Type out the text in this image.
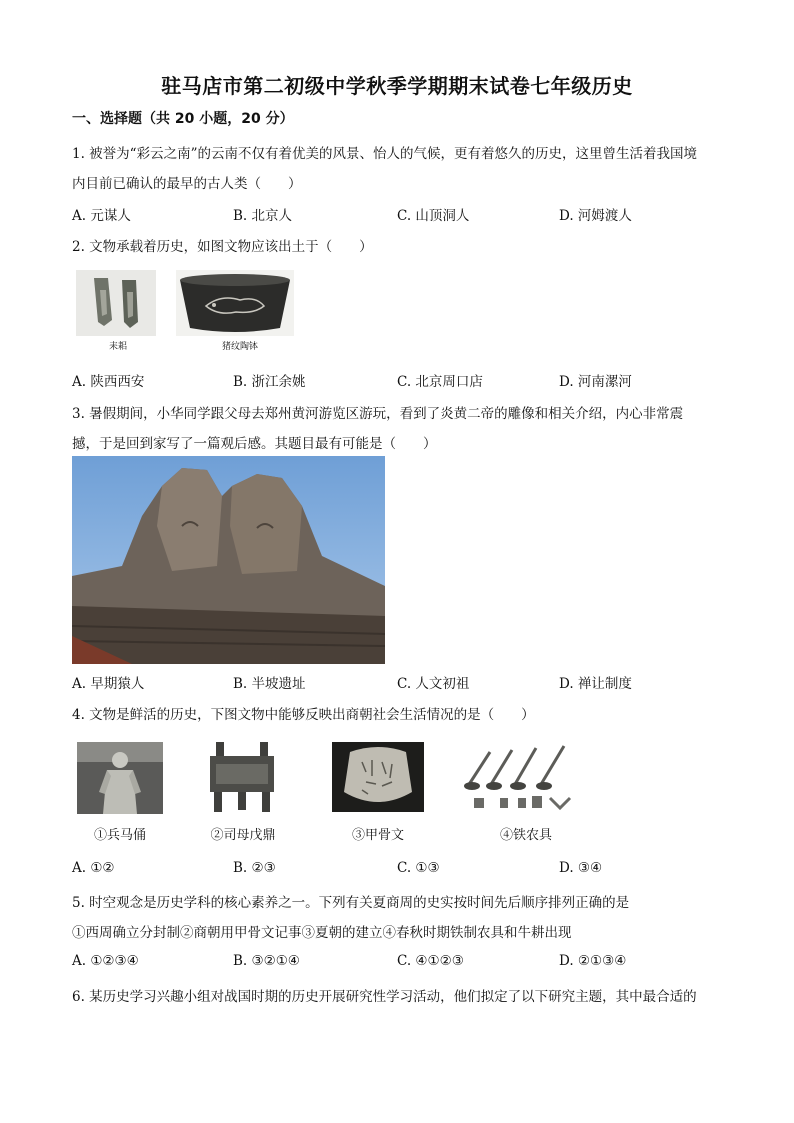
驻马店市第二初级中学秋季学期期末试卷七年级历史
一、选择题（共 20 小题，20 分）
1. 被誉为“彩云之南”的云南不仅有着优美的风景、怡人的气候，更有着悠久的历史，这里曾生活着我国境
内目前已确认的最早的古人类（　　）
A. 元谋人	B. 北京人	C. 山顶洞人	D. 河姆渡人
2. 文物承载着历史，如图文物应该出土于（　　）
耒耜	猪纹陶钵
A. 陕西西安	B. 浙江余姚	C. 北京周口店	D. 河南漯河
3. 暑假期间，小华同学跟父母去郑州黄河游览区游玩，看到了炎黄二帝的雕像和相关介绍，内心非常震
撼，于是回到家写了一篇观后感。其题目最有可能是（　　）
A. 早期猿人	B. 半坡遗址	C. 人文初祖	D. 禅让制度
4. 文物是鲜活的历史，下图文物中能够反映出商朝社会生活情况的是（　　）
①兵马俑	②司母戊鼎	③甲骨文	④铁农具
A. ①②	B. ②③	C. ①③	D. ③④
5. 时空观念是历史学科的核心素养之一。下列有关夏商周的史实按时间先后顺序排列正确的是
①西周确立分封制②商朝用甲骨文记事③夏朝的建立④春秋时期铁制农具和牛耕出现
A. ①②③④	B. ③②①④	C. ④①②③	D. ②①③④
6. 某历史学习兴趣小组对战国时期的历史开展研究性学习活动，他们拟定了以下研究主题，其中最合适的
